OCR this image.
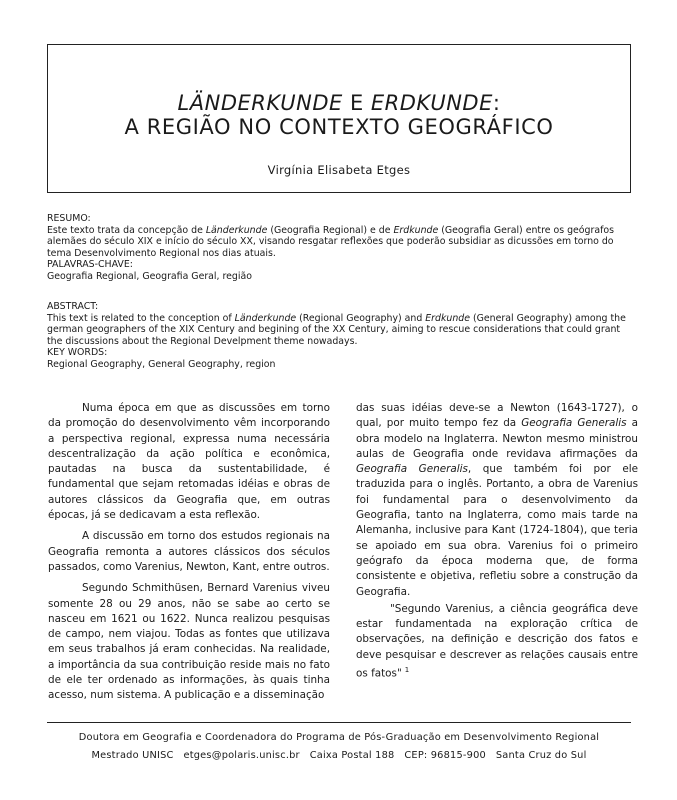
LÄNDERKUNDE E ERDKUNDE:
A REGIÃO NO CONTEXTO GEOGRÁFICO
Virgínia Elisabeta Etges

RESUMO:

Este texto trata da concepção de Länderkunde (Geografia Regional) e de Erdkunde (Geografia Geral) entre os geógrafos alemães do século XIX e início do século XX, visando resgatar reflexões que poderão subsidiar as dicussões em torno do tema Desenvolvimento Regional nos dias atuais.

PALAVRAS-CHAVE:

Geografia Regional, Geografia Geral, região

ABSTRACT:

This text is related to the conception of Länderkunde (Regional Geography) and Erdkunde (General Geography) among the german geographers of the XIX Century and begining of the XX Century, aiming to rescue considerations that could grant the discussions about the Regional Develpment theme nowadays.

KEY WORDS:

Regional Geography, General Geography, region

Numa época em que as discussões em torno da promoção do desenvolvimento vêm incorporando a perspectiva regional, expressa numa necessária descentralização da ação política e econômica, pautadas na busca da sustentabilidade, é fundamental que sejam retomadas idéias e obras de autores clássicos da Geografia que, em outras épocas, já se dedicavam a esta reflexão.

A discussão em torno dos estudos regionais na Geografia remonta a autores clássicos dos séculos passados, como Varenius, Newton, Kant, entre outros.

Segundo Schmithüsen, Bernard Varenius viveu somente 28 ou 29 anos, não se sabe ao certo se nasceu em 1621 ou 1622. Nunca realizou pesquisas de campo, nem viajou. Todas as fontes que utilizava em seus trabalhos já eram conhecidas. Na realidade, a importância da sua contribuição reside mais no fato de ele ter ordenado as informações, às quais tinha acesso, num sistema. A publicação e a disseminação

das suas idéias deve-se a Newton (1643-1727), o qual, por muito tempo fez da Geografia Generalis a obra modelo na Inglaterra. Newton mesmo ministrou aulas de Geografia onde revidava afirmações da Geografia Generalis, que também foi por ele traduzida para o inglês. Portanto, a obra de Varenius foi fundamental para o desenvolvimento da Geografia, tanto na Inglaterra, como mais tarde na Alemanha, inclusive para Kant (1724-1804), que teria se apoiado em sua obra. Varenius foi o primeiro geógrafo da época moderna que, de forma consistente e objetiva, refletiu sobre a construção da Geografia.

"Segundo Varenius, a ciência geográfica deve estar fundamentada na exploração crítica de observações, na definição e descrição dos fatos e deve pesquisar e descrever as relações causais entre os fatos" $^1$

Doutora em Geografia e Coordenadora do Programa de Pós-Graduação em Desenvolvimento Regional
Mestrado UNISC   etges@polaris.unisc.br   Caixa Postal 188   CEP: 96815-900   Santa Cruz do Sul
